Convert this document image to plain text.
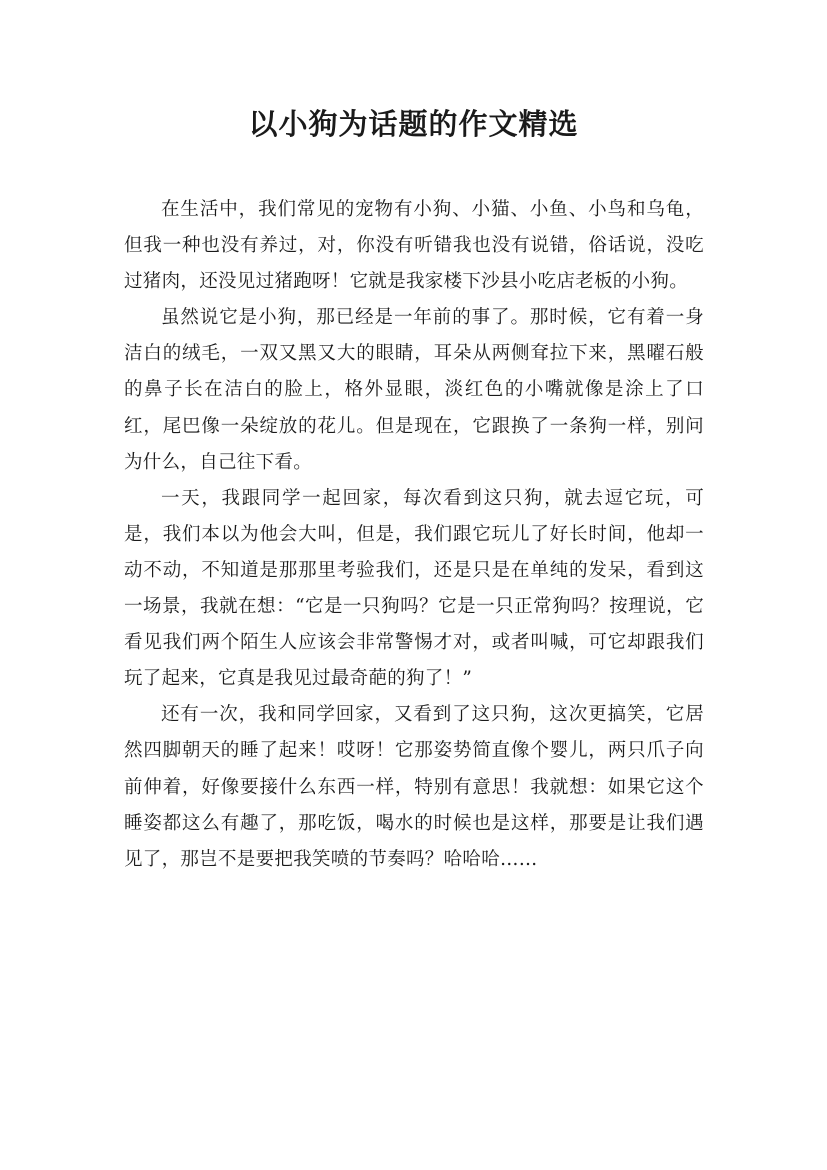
以小狗为话题的作文精选

在生活中，我们常见的宠物有小狗、小猫、小鱼、小鸟和乌龟，但我一种也没有养过，对，你没有听错我也没有说错，俗话说，没吃过猪肉，还没见过猪跑呀！它就是我家楼下沙县小吃店老板的小狗。

虽然说它是小狗，那已经是一年前的事了。那时候，它有着一身洁白的绒毛，一双又黑又大的眼睛，耳朵从两侧耷拉下来，黑曜石般的鼻子长在洁白的脸上，格外显眼，淡红色的小嘴就像是涂上了口红，尾巴像一朵绽放的花儿。但是现在，它跟换了一条狗一样，别问为什么，自己往下看。

一天，我跟同学一起回家，每次看到这只狗，就去逗它玩，可是，我们本以为他会大叫，但是，我们跟它玩儿了好长时间，他却一动不动，不知道是那那里考验我们，还是只是在单纯的发呆，看到这一场景，我就在想：“它是一只狗吗？它是一只正常狗吗？按理说，它看见我们两个陌生人应该会非常警惕才对，或者叫喊，可它却跟我们玩了起来，它真是我见过最奇葩的狗了！”

还有一次，我和同学回家，又看到了这只狗，这次更搞笑，它居然四脚朝天的睡了起来！哎呀！它那姿势简直像个婴儿，两只爪子向前伸着，好像要接什么东西一样，特别有意思！我就想：如果它这个睡姿都这么有趣了，那吃饭，喝水的时候也是这样，那要是让我们遇见了，那岂不是要把我笑喷的节奏吗？哈哈哈……
